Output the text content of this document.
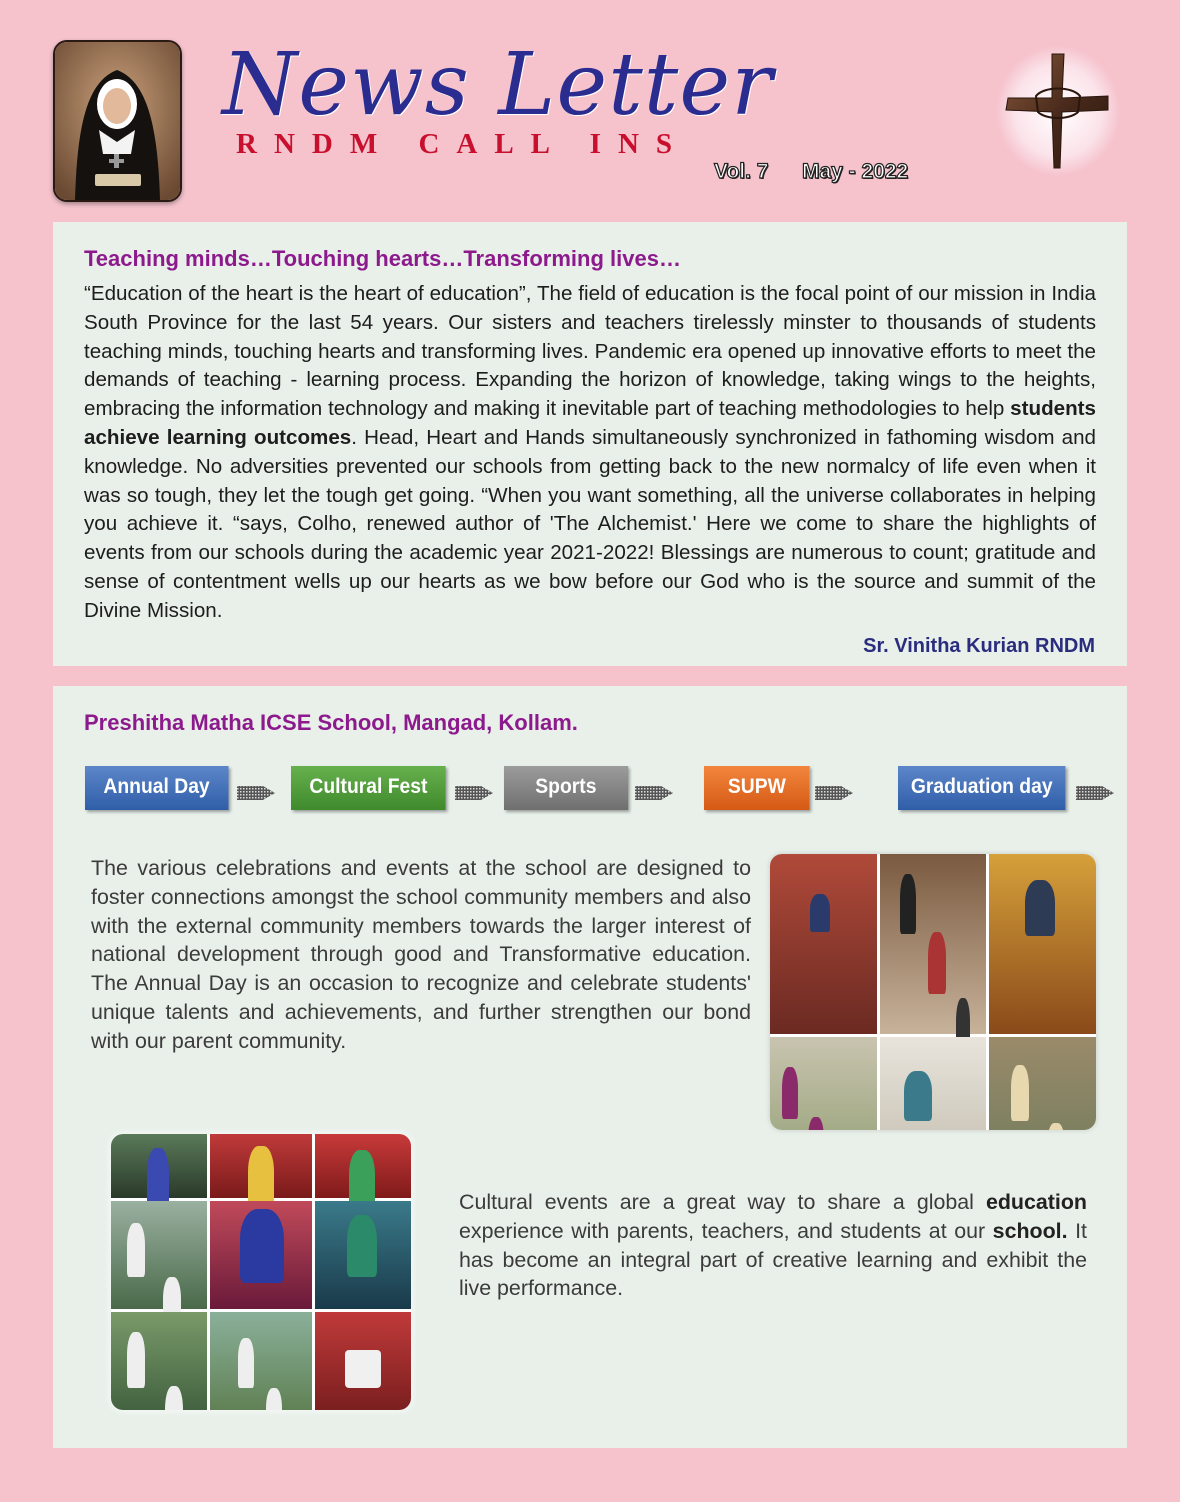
News Letter
RNDM CALL INS
Vol. 7 May - 2022
Teaching minds…Touching hearts…Transforming lives…
“Education of the heart is the heart of education”, The field of education is the focal point of our mission in India South Province for the last 54 years. Our sisters and teachers tirelessly minster to thousands of students teaching minds, touching hearts and transforming lives. Pandemic era opened up innovative efforts to meet the demands of teaching - learning process. Expanding the horizon of knowledge, taking wings to the heights, embracing the information technology and making it inevitable part of teaching methodologies to help students achieve learning outcomes. Head, Heart and Hands simultaneously synchronized in fathoming wisdom and knowledge. No adversities prevented our schools from getting back to the new normalcy of life even when it was so tough, they let the tough get going. “When you want something, all the universe collaborates in helping you achieve it. “says, Colho, renewed author of 'The Alchemist.' Here we come to share the highlights of events from our schools during the academic year 2021-2022! Blessings are numerous to count; gratitude and sense of contentment wells up our hearts as we bow before our God who is the source and summit of the Divine Mission.
Sr. Vinitha Kurian RNDM
Preshitha Matha ICSE School, Mangad, Kollam.
Annual Day	Cultural Fest	Sports	SUPW	Graduation day
The various celebrations and events at the school are designed to foster connections amongst the school community members and also with the external community members towards the larger interest of national development through good and Transformative education. The Annual Day is an occasion to recognize and celebrate students' unique talents and achievements, and further strengthen our bond with our parent community.
Cultural events are a great way to share a global education experience with parents, teachers, and students at our school. It has become an integral part of creative learning and exhibit the live performance.
